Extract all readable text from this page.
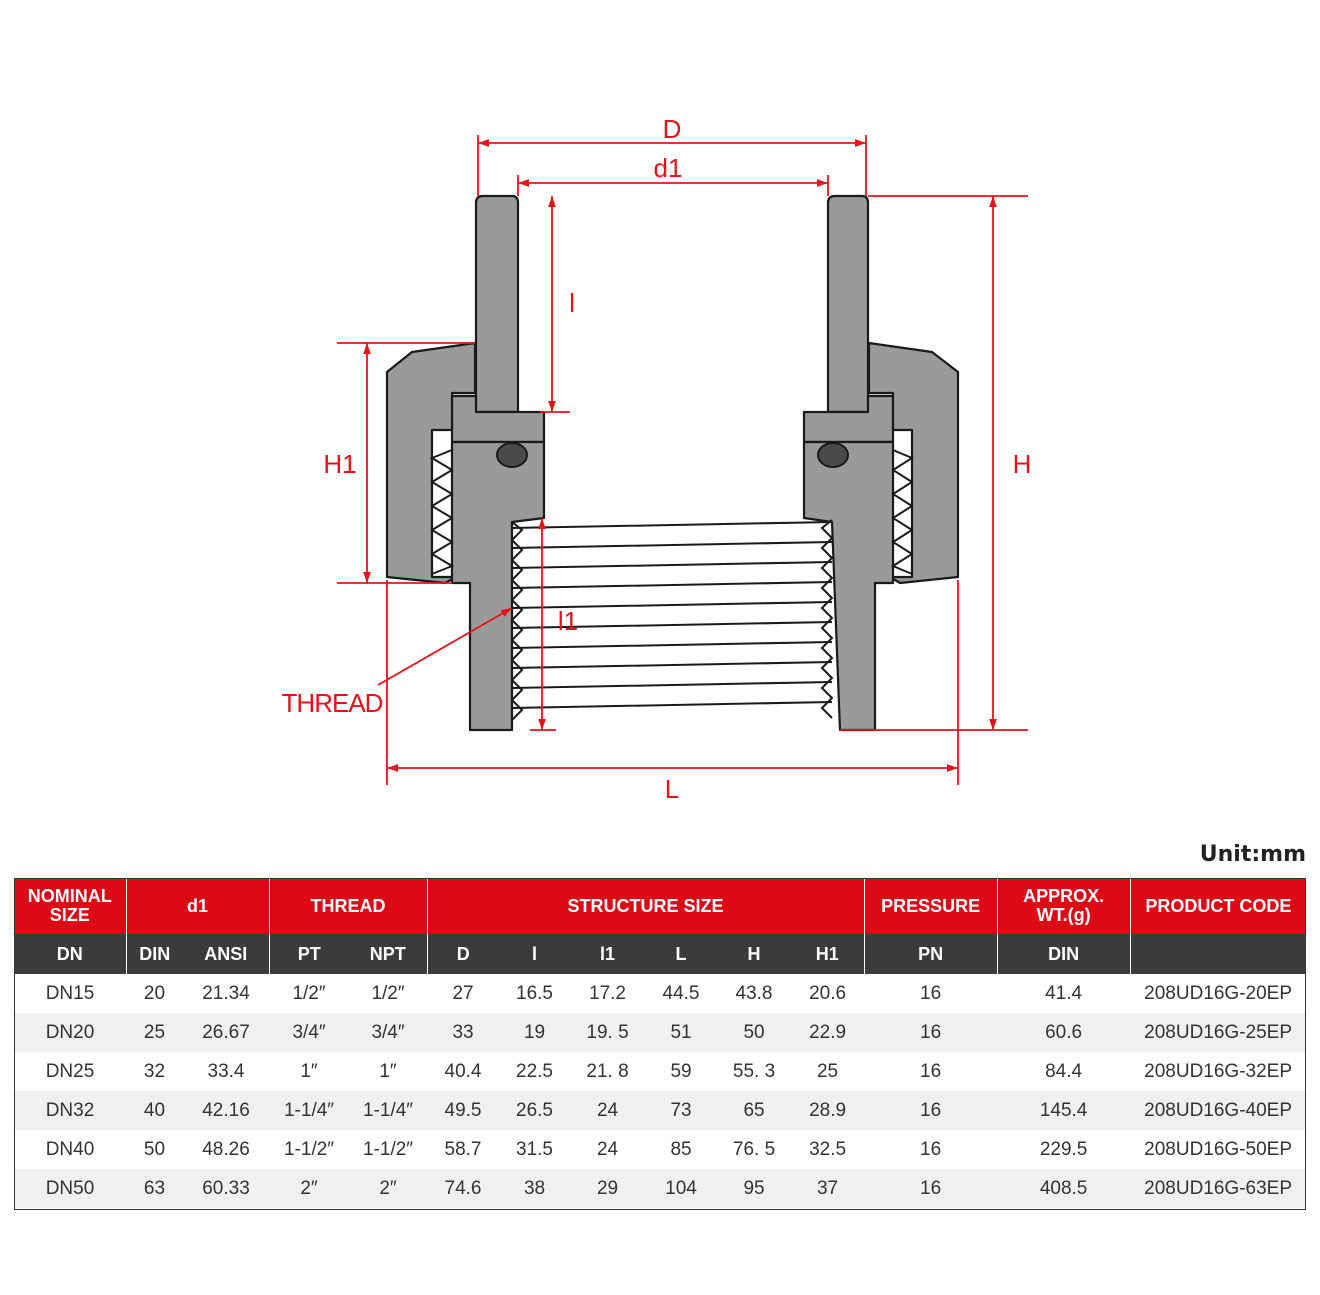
D
d1
l
H
H1
l1
L
THREAD
Unit:mm
NOMINAL SIZE	d1		THREAD		STRUCTURE SIZE						PRESSURE	APPROX. WT.(g)	PRODUCT CODE
DN	DIN	ANSI	PT	NPT	D	l	l1	L	H	H1	PN	DIN	
DN15	20	21.34	1/2″	1/2″	27	16.5	17.2	44.5	43.8	20.6	16	41.4	208UD16G-20EP
DN20	25	26.67	3/4″	3/4″	33	19	19. 5	51	50	22.9	16	60.6	208UD16G-25EP
DN25	32	33.4	1″	1″	40.4	22.5	21. 8	59	55. 3	25	16	84.4	208UD16G-32EP
DN32	40	42.16	1-1/4″	1-1/4″	49.5	26.5	24	73	65	28.9	16	145.4	208UD16G-40EP
DN40	50	48.26	1-1/2″	1-1/2″	58.7	31.5	24	85	76. 5	32.5	16	229.5	208UD16G-50EP
DN50	63	60.33	2″	2″	74.6	38	29	104	95	37	16	408.5	208UD16G-63EP
